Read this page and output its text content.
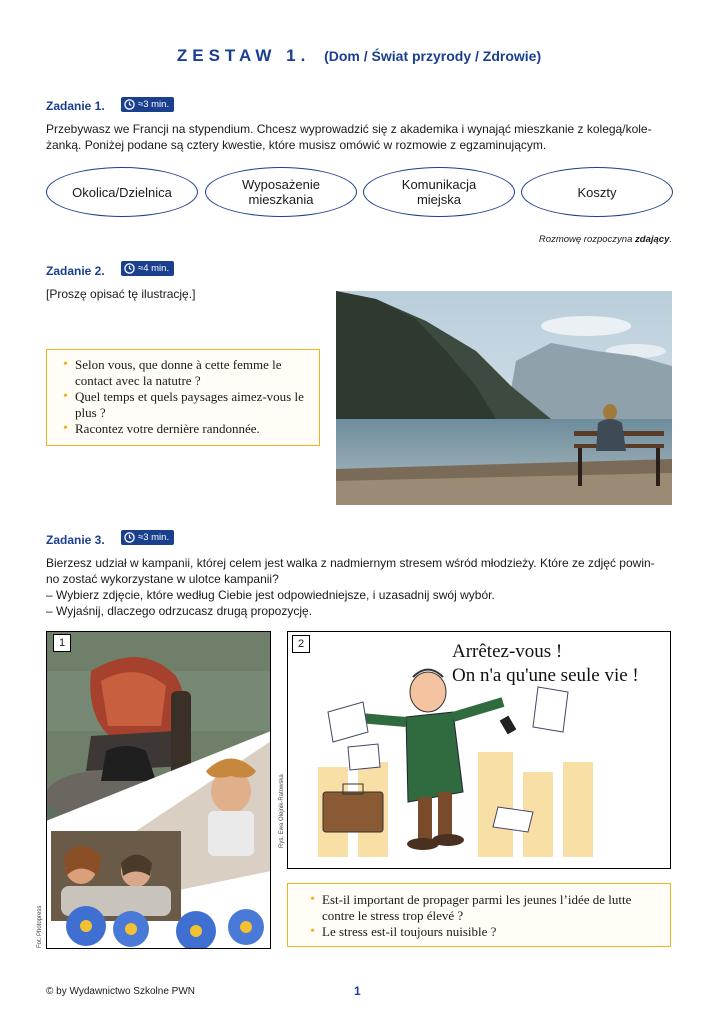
ZESTAW 1. (Dom / Świat przyrody / Zdrowie)
Zadanie 1.	≈3 min.
Przebywasz we Francji na stypendium. Chcesz wyprowadzić się z akademika i wynająć mieszkanie z kolegą/kole-
żanką. Poniżej podane są cztery kwestie, które musisz omówić w rozmowie z egzaminującym.
Okolica/Dzielnica	Wyposażenie mieszkania
Komunikacja miejska	Koszty
Rozmowę rozpoczyna zdający.
Zadanie 2.	≈4 min.
[Proszę opisać tę ilustrację.]
• Selon vous, que donne à cette femme le contact avec la natutre ?
• Quel temps et quels paysages aimez-vous le plus ?
• Racontez votre dernière randonnée.
Zadanie 3.	≈3 min.
Bierzesz udział w kampanii, której celem jest walka z nadmiernym stresem wśród młodzieży. Które ze zdjęć powin-
no zostać wykorzystane w ulotce kampanii?
– Wybierz zdjęcie, które według Ciebie jest odpowiedniejsze, i uzasadnij swój wybór.
– Wyjaśnij, dlaczego odrzucasz drugą propozycję.
1
Fot. Photopress
2	Arrêtez-vous !
On n'a qu'une seule vie !
Rys. Ewa Olejnik-Ratowska
• Est-il important de propager parmi les jeunes l’idée de lutte contre le stress trop élevé ?
• Le stress est-il toujours nuisible ?
© by Wydawnictwo Szkolne PWN	1
